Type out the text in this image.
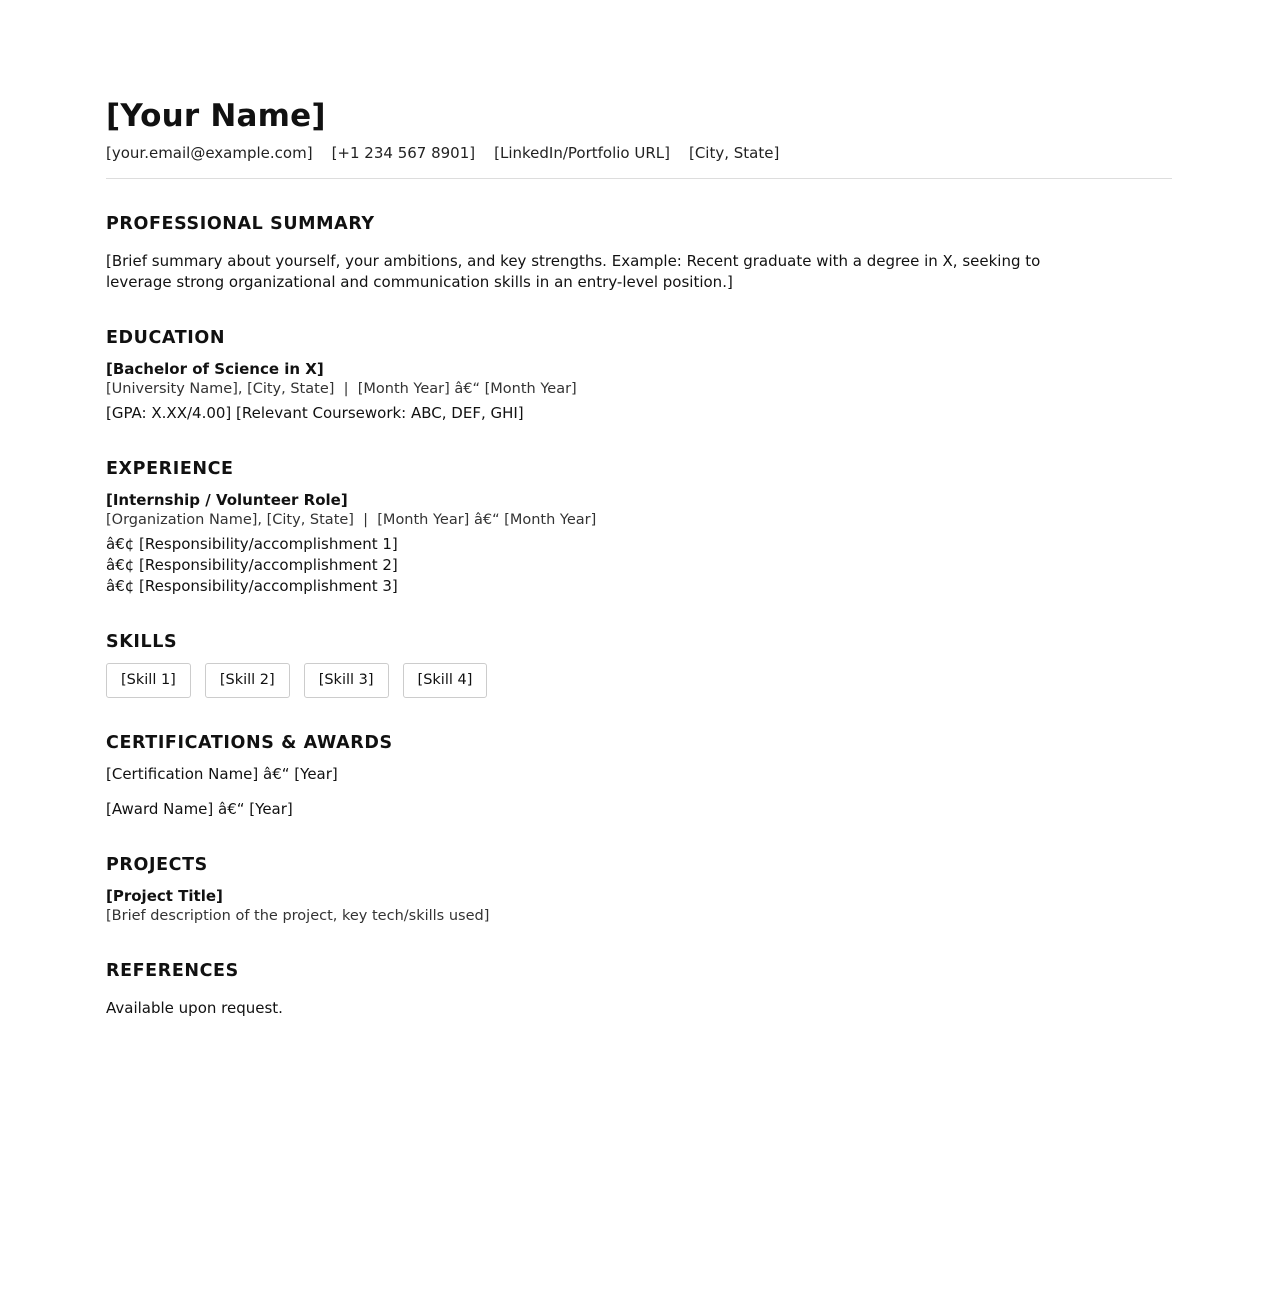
[Your Name]
[your.email@example.com] [+1 234 567 8901] [LinkedIn/Portfolio URL] [City, State]
PROFESSIONAL SUMMARY
[Brief summary about yourself, your ambitions, and key strengths. Example: Recent graduate with a degree in X, seeking to leverage strong organizational and communication skills in an entry-level position.]
EDUCATION
[Bachelor of Science in X]
[University Name], [City, State]  |  [Month Year] â€“ [Month Year]
[GPA: X.XX/4.00] [Relevant Coursework: ABC, DEF, GHI]
EXPERIENCE
[Internship / Volunteer Role]
[Organization Name], [City, State]  |  [Month Year] â€“ [Month Year]
â€¢ [Responsibility/accomplishment 1]
â€¢ [Responsibility/accomplishment 2]
â€¢ [Responsibility/accomplishment 3]
SKILLS
[Skill 1]	[Skill 2]	[Skill 3]	[Skill 4]
CERTIFICATIONS & AWARDS
[Certification Name] â€“ [Year]
[Award Name] â€“ [Year]
PROJECTS
[Project Title]
[Brief description of the project, key tech/skills used]
REFERENCES
Available upon request.
